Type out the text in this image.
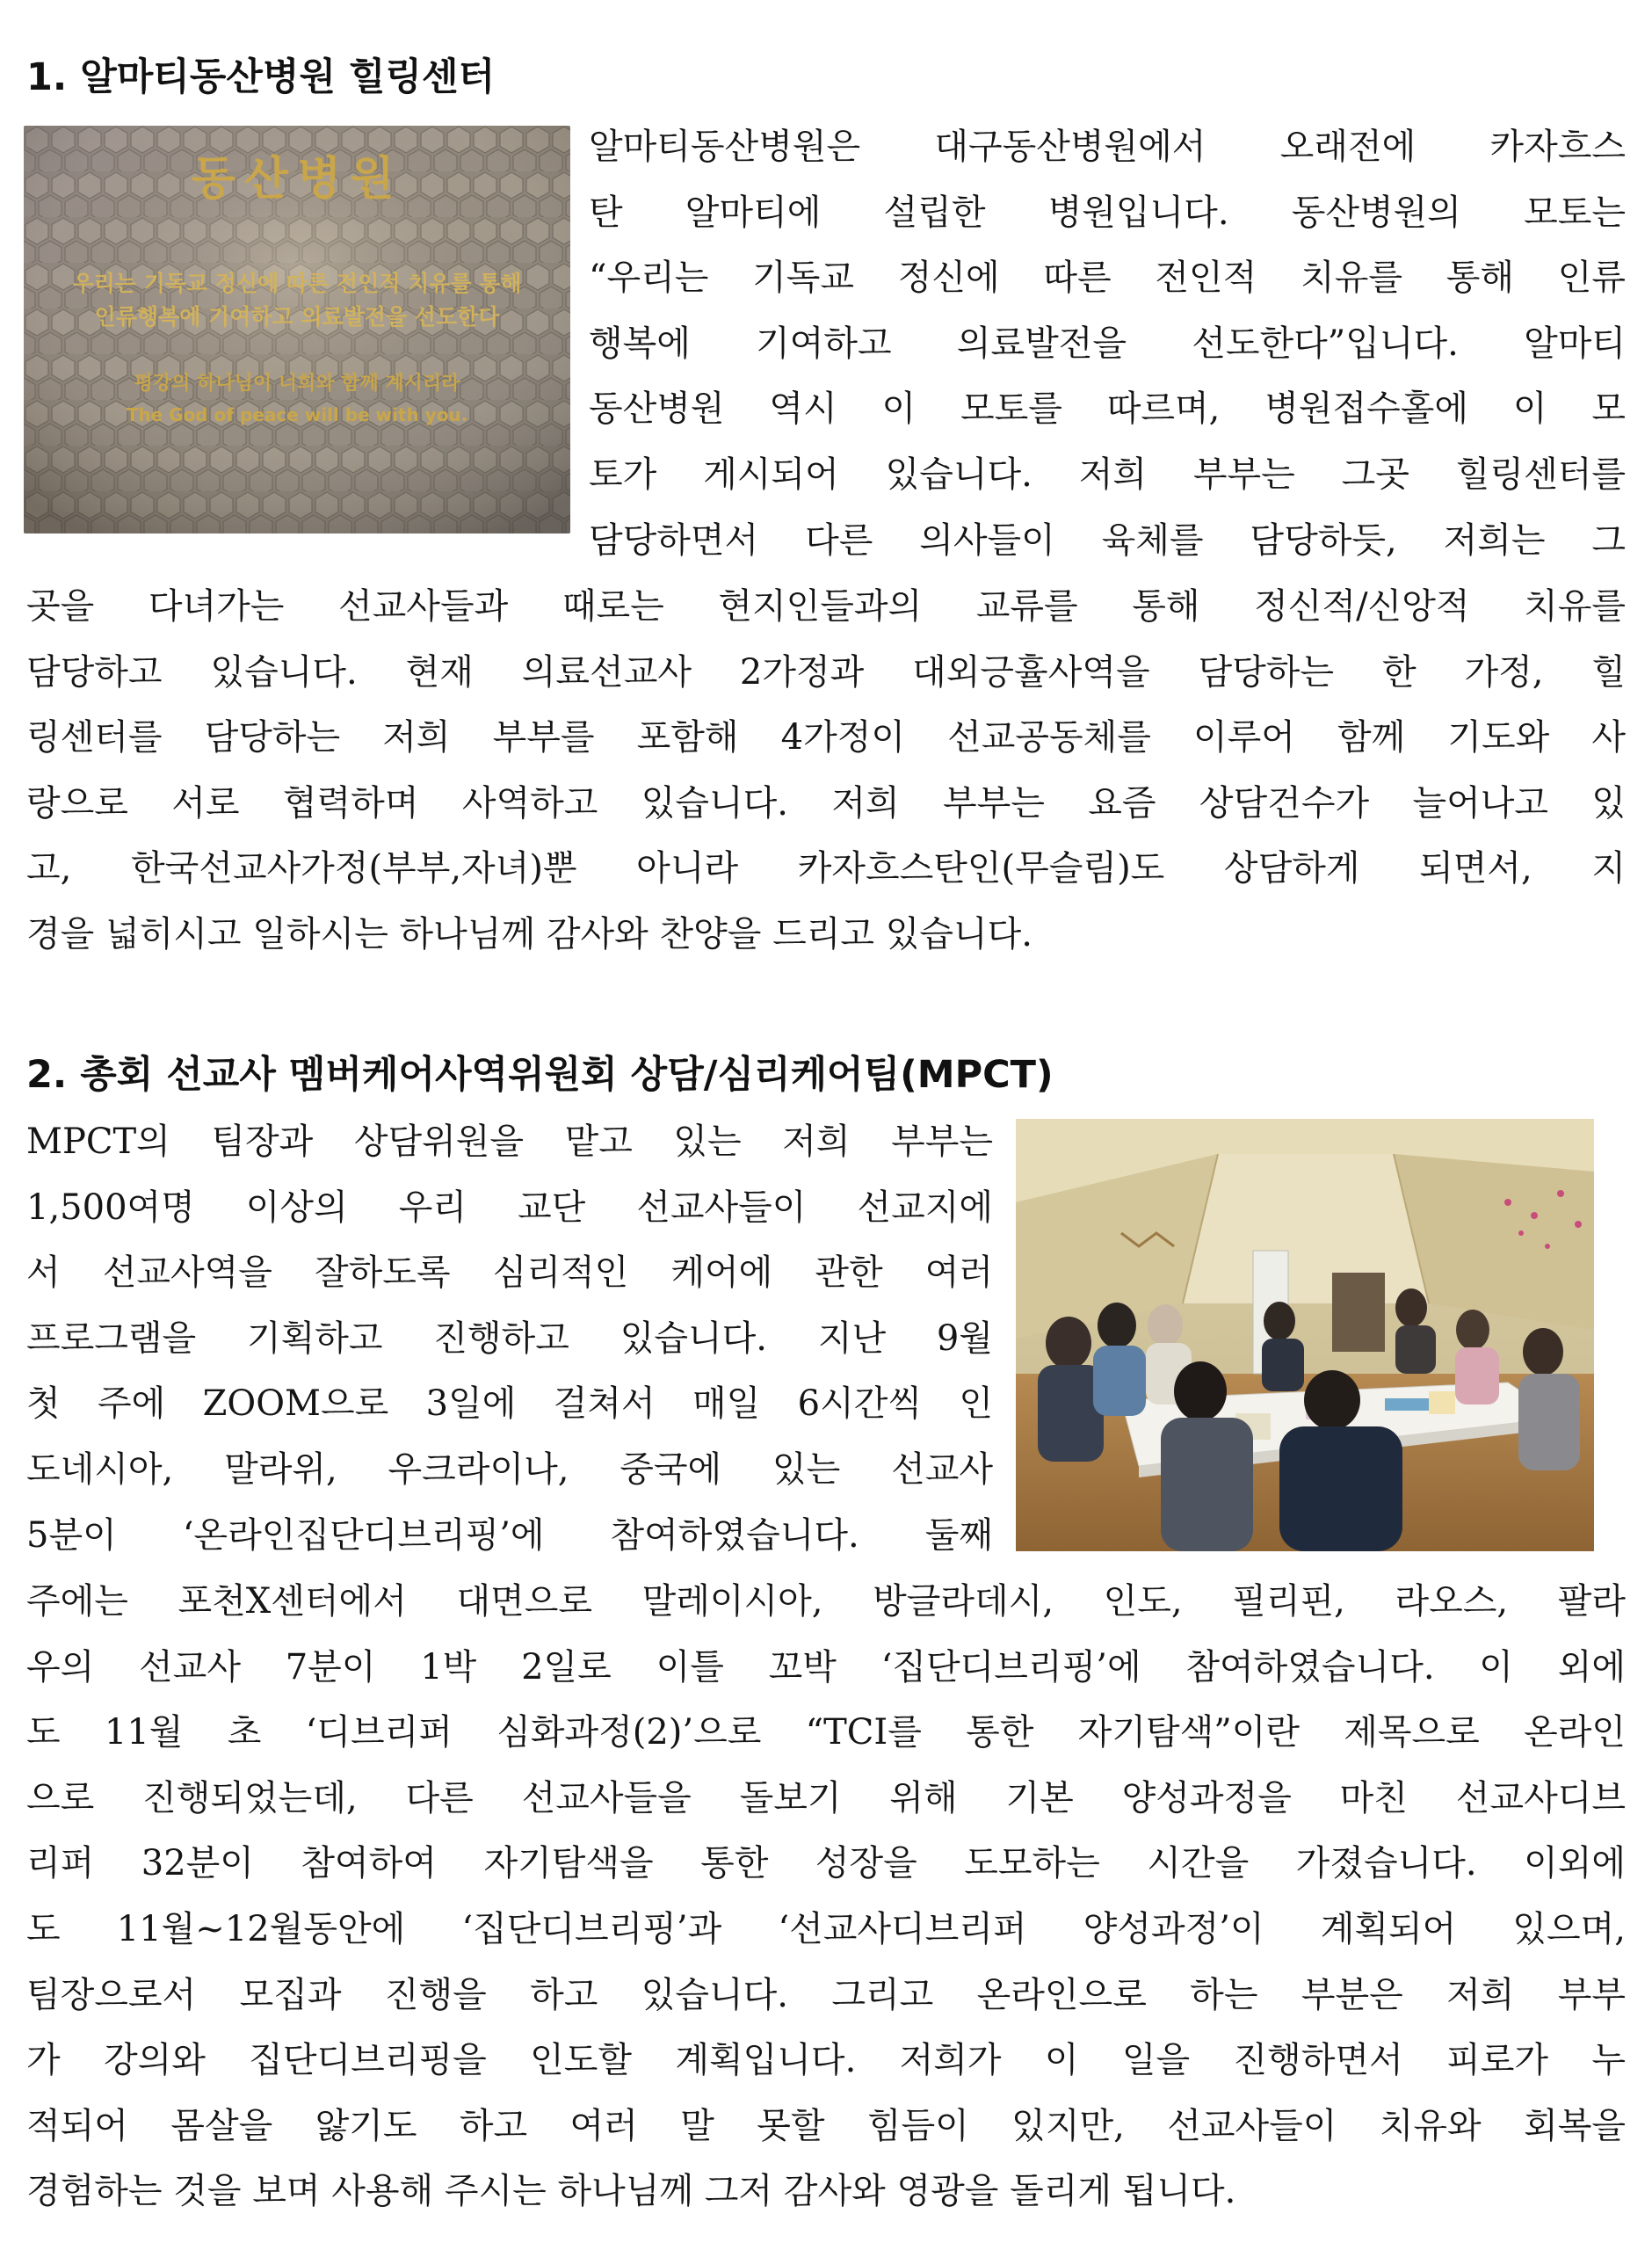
1. 알마티동산병원 힐링센터
동산병원
우리는 기독교 정신에 따른 전인적 치유를 통해
인류행복에 기여하고 의료발전을 선도한다
평강의 하나님이 너희와 함께 계시리라
The God of peace will be with you.
알마티동산병원은 대구동산병원에서 오래전에 카자흐스
탄 알마티에 설립한 병원입니다. 동산병원의 모토는
“우리는 기독교 정신에 따른 전인적 치유를 통해 인류
행복에 기여하고 의료발전을 선도한다”입니다. 알마티
동산병원 역시 이 모토를 따르며, 병원접수홀에 이 모
토가 게시되어 있습니다. 저희 부부는 그곳 힐링센터를
담당하면서 다른 의사들이 육체를 담당하듯, 저희는 그
곳을 다녀가는 선교사들과 때로는 현지인들과의 교류를 통해 정신적/신앙적 치유를
담당하고 있습니다. 현재 의료선교사 2가정과 대외긍휼사역을 담당하는 한 가정, 힐
링센터를 담당하는 저희 부부를 포함해 4가정이 선교공동체를 이루어 함께 기도와 사
랑으로 서로 협력하며 사역하고 있습니다. 저희 부부는 요즘 상담건수가 늘어나고 있
고, 한국선교사가정(부부,자녀)뿐 아니라 카자흐스탄인(무슬림)도 상담하게 되면서, 지
경을 넓히시고 일하시는 하나님께 감사와 찬양을 드리고 있습니다.
2. 총회 선교사 멤버케어사역위원회 상담/심리케어팀(MPCT)
MPCT의 팀장과 상담위원을 맡고 있는 저희 부부는
1,500여명 이상의 우리 교단 선교사들이 선교지에
서 선교사역을 잘하도록 심리적인 케어에 관한 여러
프로그램을 기획하고 진행하고 있습니다. 지난 9월
첫 주에 ZOOM으로 3일에 걸쳐서 매일 6시간씩 인
도네시아, 말라위, 우크라이나, 중국에 있는 선교사
5분이 ‘온라인집단디브리핑’에 참여하였습니다. 둘째
주에는 포천X센터에서 대면으로 말레이시아, 방글라데시, 인도, 필리핀, 라오스, 팔라
우의 선교사 7분이 1박 2일로 이틀 꼬박 ‘집단디브리핑’에 참여하였습니다. 이 외에
도 11월 초 ‘디브리퍼 심화과정(2)’으로 “TCI를 통한 자기탐색”이란 제목으로 온라인
으로 진행되었는데, 다른 선교사들을 돌보기 위해 기본 양성과정을 마친 선교사디브
리퍼 32분이 참여하여 자기탐색을 통한 성장을 도모하는 시간을 가졌습니다. 이외에
도 11월~12월동안에 ‘집단디브리핑’과 ‘선교사디브리퍼 양성과정’이 계획되어 있으며,
팀장으로서 모집과 진행을 하고 있습니다. 그리고 온라인으로 하는 부분은 저희 부부
가 강의와 집단디브리핑을 인도할 계획입니다. 저희가 이 일을 진행하면서 피로가 누
적되어 몸살을 앓기도 하고 여러 말 못할 힘듬이 있지만, 선교사들이 치유와 회복을
경험하는 것을 보며 사용해 주시는 하나님께 그저 감사와 영광을 돌리게 됩니다.
